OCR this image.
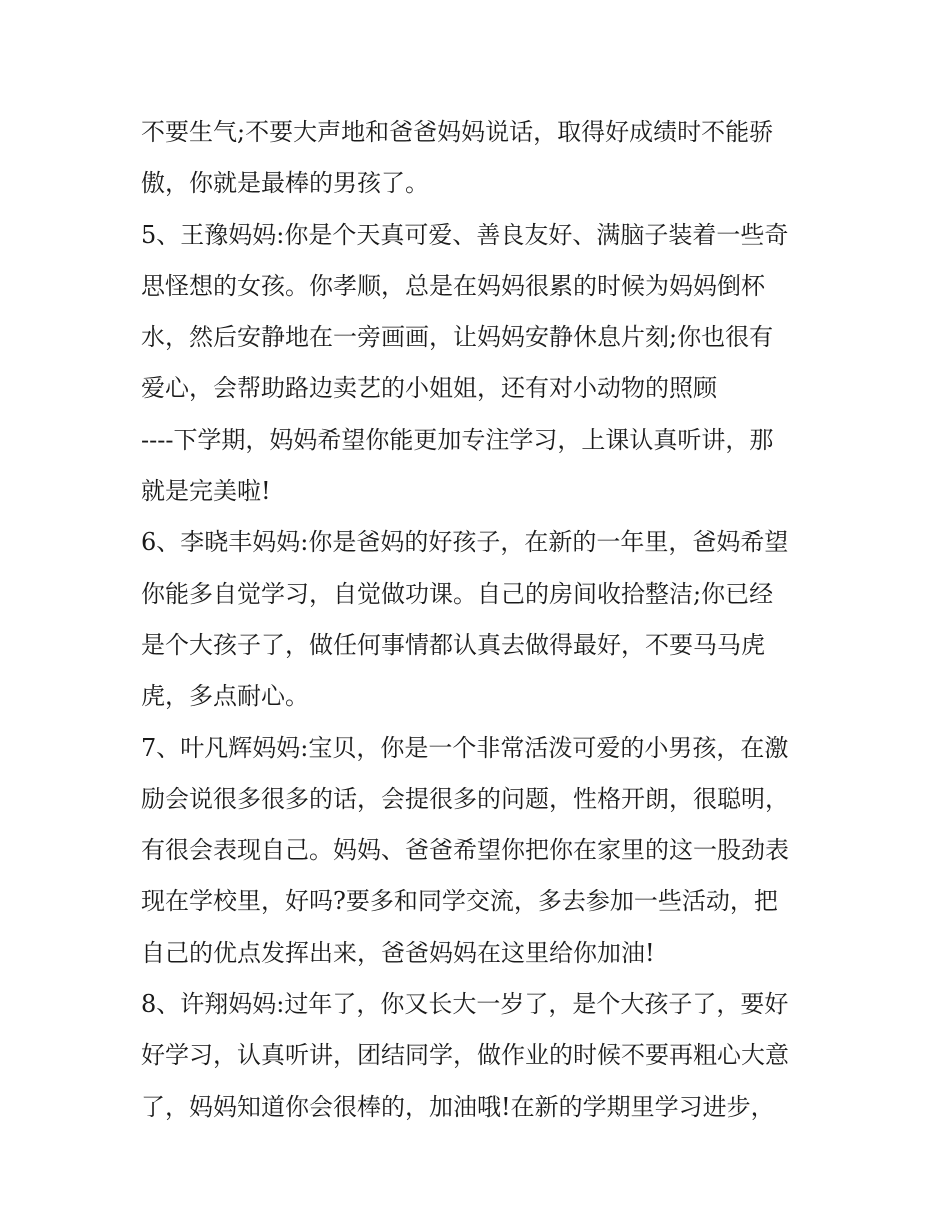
不要生气;不要大声地和爸爸妈妈说话，取得好成绩时不能骄
傲，你就是最棒的男孩了。
5、王豫妈妈:你是个天真可爱、善良友好、满脑子装着一些奇
思怪想的女孩。你孝顺，总是在妈妈很累的时候为妈妈倒杯
水，然后安静地在一旁画画，让妈妈安静休息片刻;你也很有
爱心，会帮助路边卖艺的小姐姐，还有对小动物的照顾
----下学期，妈妈希望你能更加专注学习，上课认真听讲，那
就是完美啦!
6、李晓丰妈妈:你是爸妈的好孩子，在新的一年里，爸妈希望
你能多自觉学习，自觉做功课。自己的房间收拾整洁;你已经
是个大孩子了，做任何事情都认真去做得最好，不要马马虎
虎，多点耐心。
7、叶凡辉妈妈:宝贝，你是一个非常活泼可爱的小男孩，在激
励会说很多很多的话，会提很多的问题，性格开朗，很聪明，
有很会表现自己。妈妈、爸爸希望你把你在家里的这一股劲表
现在学校里，好吗?要多和同学交流，多去参加一些活动，把
自己的优点发挥出来，爸爸妈妈在这里给你加油!
8、许翔妈妈:过年了，你又长大一岁了，是个大孩子了，要好
好学习，认真听讲，团结同学，做作业的时候不要再粗心大意
了，妈妈知道你会很棒的，加油哦!在新的学期里学习进步，
